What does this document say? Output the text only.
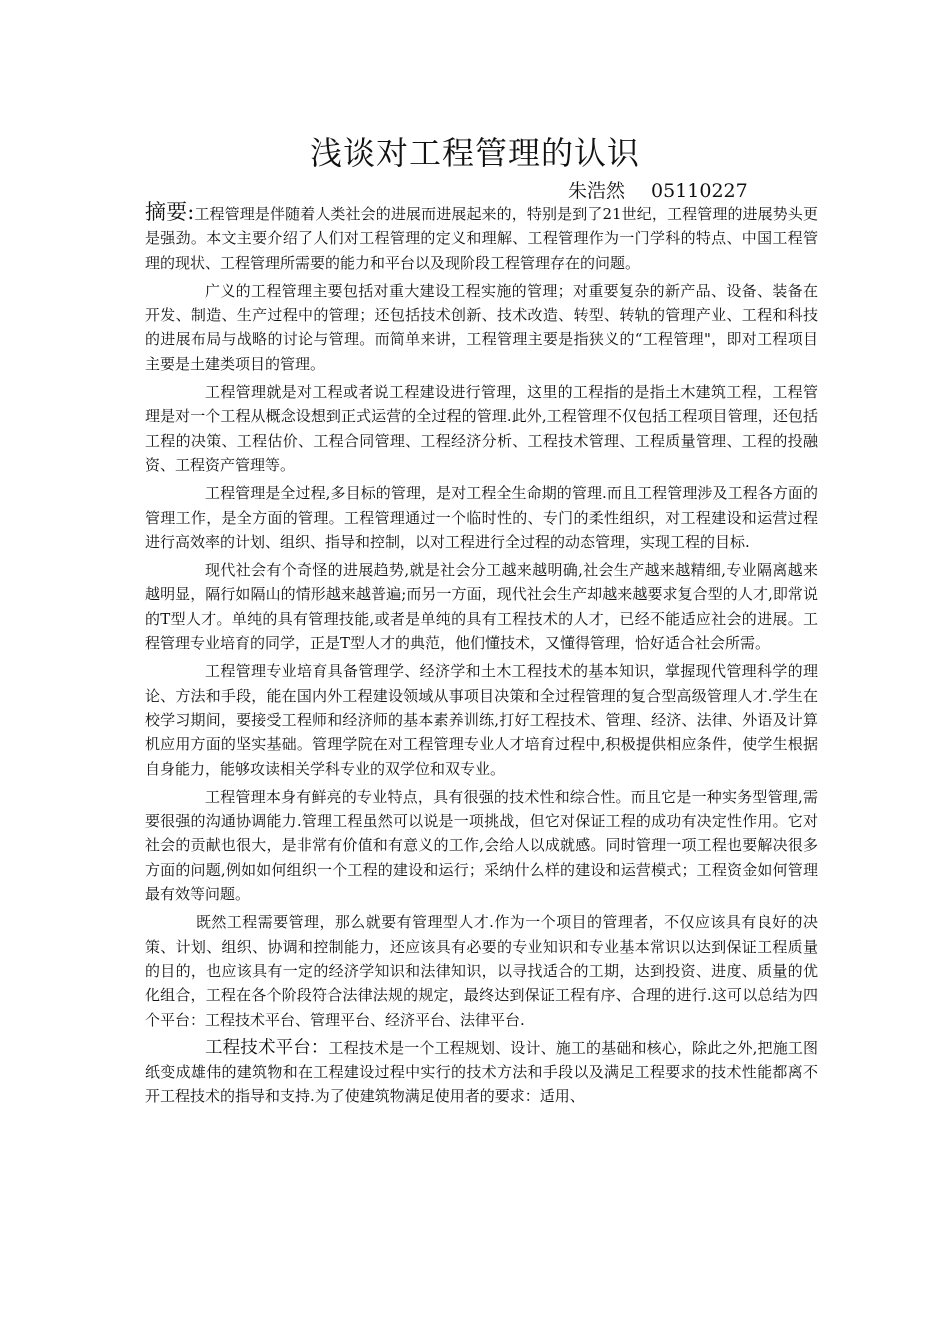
浅谈对工程管理的认识
朱浩然 05110227

摘要:工程管理是伴随着人类社会的进展而进展起来的，特别是到了21世纪，工程管理的进展势头更是强劲。本文主要介绍了人们对工程管理的定义和理解、工程管理作为一门学科的特点、中国工程管理的现状、工程管理所需要的能力和平台以及现阶段工程管理存在的问题。

广义的工程管理主要包括对重大建设工程实施的管理；对重要复杂的新产品、设备、装备在开发、制造、生产过程中的管理；还包括技术创新、技术改造、转型、转轨的管理产业、工程和科技的进展布局与战略的讨论与管理。而简单来讲，工程管理主要是指狭义的“工程管理"，即对工程项目主要是土建类项目的管理。

工程管理就是对工程或者说工程建设进行管理，这里的工程指的是指土木建筑工程，工程管理是对一个工程从概念设想到正式运营的全过程的管理.此外,工程管理不仅包括工程项目管理，还包括工程的决策、工程估价、工程合同管理、工程经济分析、工程技术管理、工程质量管理、工程的投融资、工程资产管理等。

工程管理是全过程,多目标的管理，是对工程全生命期的管理.而且工程管理涉及工程各方面的管理工作，是全方面的管理。工程管理通过一个临时性的、专门的柔性组织，对工程建设和运营过程进行高效率的计划、组织、指导和控制，以对工程进行全过程的动态管理，实现工程的目标.

现代社会有个奇怪的进展趋势,就是社会分工越来越明确,社会生产越来越精细,专业隔离越来越明显，隔行如隔山的情形越来越普遍;而另一方面，现代社会生产却越来越要求复合型的人才,即常说的T型人才。单纯的具有管理技能,或者是单纯的具有工程技术的人才，已经不能适应社会的进展。工程管理专业培育的同学，正是T型人才的典范，他们懂技术，又懂得管理，恰好适合社会所需。

工程管理专业培育具备管理学、经济学和土木工程技术的基本知识，掌握现代管理科学的理论、方法和手段，能在国内外工程建设领域从事项目决策和全过程管理的复合型高级管理人才.学生在校学习期间，要接受工程师和经济师的基本素养训练,打好工程技术、管理、经济、法律、外语及计算机应用方面的坚实基础。管理学院在对工程管理专业人才培育过程中,积极提供相应条件，使学生根据自身能力，能够攻读相关学科专业的双学位和双专业。

工程管理本身有鲜亮的专业特点，具有很强的技术性和综合性。而且它是一种实务型管理,需要很强的沟通协调能力.管理工程虽然可以说是一项挑战，但它对保证工程的成功有决定性作用。它对社会的贡献也很大，是非常有价值和有意义的工作,会给人以成就感。同时管理一项工程也要解决很多方面的问题,例如如何组织一个工程的建设和运行；采纳什么样的建设和运营模式；工程资金如何管理最有效等问题。

既然工程需要管理，那么就要有管理型人才.作为一个项目的管理者，不仅应该具有良好的决策、计划、组织、协调和控制能力，还应该具有必要的专业知识和专业基本常识以达到保证工程质量的目的，也应该具有一定的经济学知识和法律知识，以寻找适合的工期，达到投资、进度、质量的优化组合，工程在各个阶段符合法律法规的规定，最终达到保证工程有序、合理的进行.这可以总结为四个平台：工程技术平台、管理平台、经济平台、法律平台.

工程技术平台：工程技术是一个工程规划、设计、施工的基础和核心，除此之外,把施工图纸变成雄伟的建筑物和在工程建设过程中实行的技术方法和手段以及满足工程要求的技术性能都离不开工程技术的指导和支持.为了使建筑物满足使用者的要求：适用、
